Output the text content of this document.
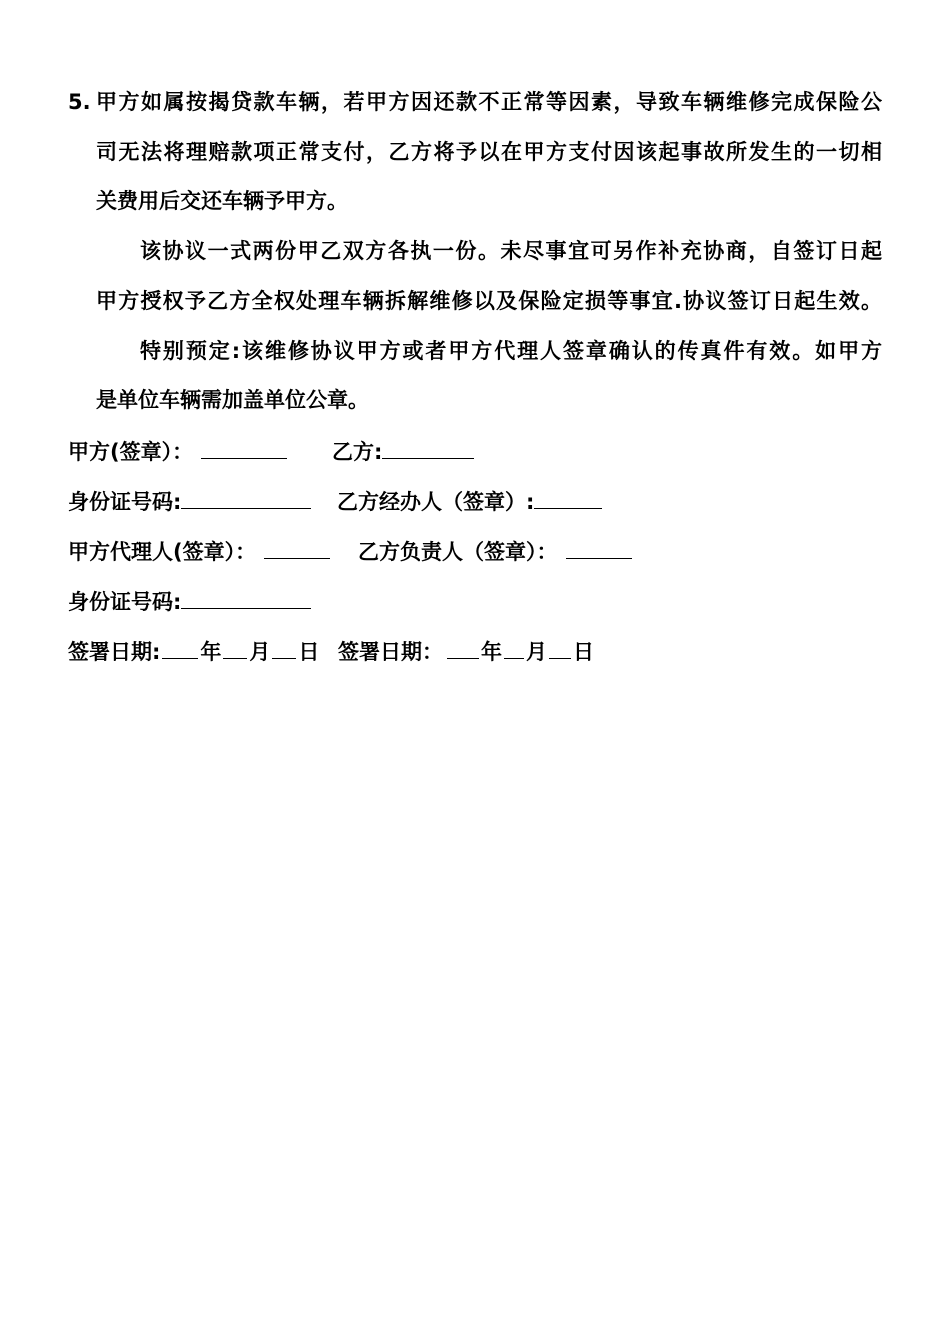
5. 甲方如属按揭贷款车辆，若甲方因还款不正常等因素，导致车辆维修完成保险公
司无法将理赔款项正常支付，乙方将予以在甲方支付因该起事故所发生的一切相
关费用后交还车辆予甲方。
该协议一式两份甲乙双方各执一份。未尽事宜可另作补充协商，自签订日起
甲方授权予乙方全权处理车辆拆解维修以及保险定损等事宜.协议签订日起生效。
特别预定:该维修协议甲方或者甲方代理人签章确认的传真件有效。如甲方
是单位车辆需加盖单位公章。
甲方(签章）：	乙方:
身份证号码:	乙方经办人（签章）:
甲方代理人(签章）：	乙方负责人（签章）：
身份证号码:
签署日期: 年 月 日 签署日期： 年 月 日
